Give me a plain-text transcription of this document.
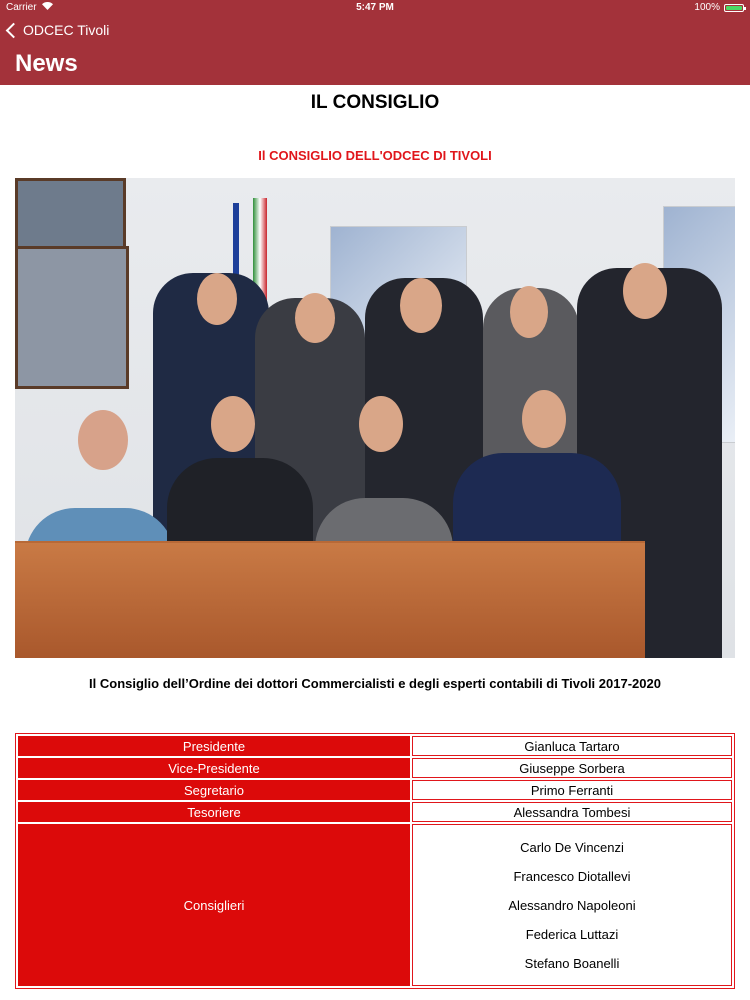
Carrier	5:47 PM	100%
ODCEC Tivoli
News
IL CONSIGLIO
Il CONSIGLIO DELL'ODCEC DI TIVOLI
Il Consiglio dell’Ordine dei dottori Commercialisti e degli esperti contabili di Tivoli 2017-2020
Presidente	Gianluca Tartaro
Vice-Presidente	Giuseppe Sorbera
Segretario	Primo Ferranti
Tesoriere	Alessandra Tombesi
Consiglieri	Carlo De Vincenzi
Francesco Diotallevi
Alessandro Napoleoni
Federica Luttazi
Stefano Boanelli
